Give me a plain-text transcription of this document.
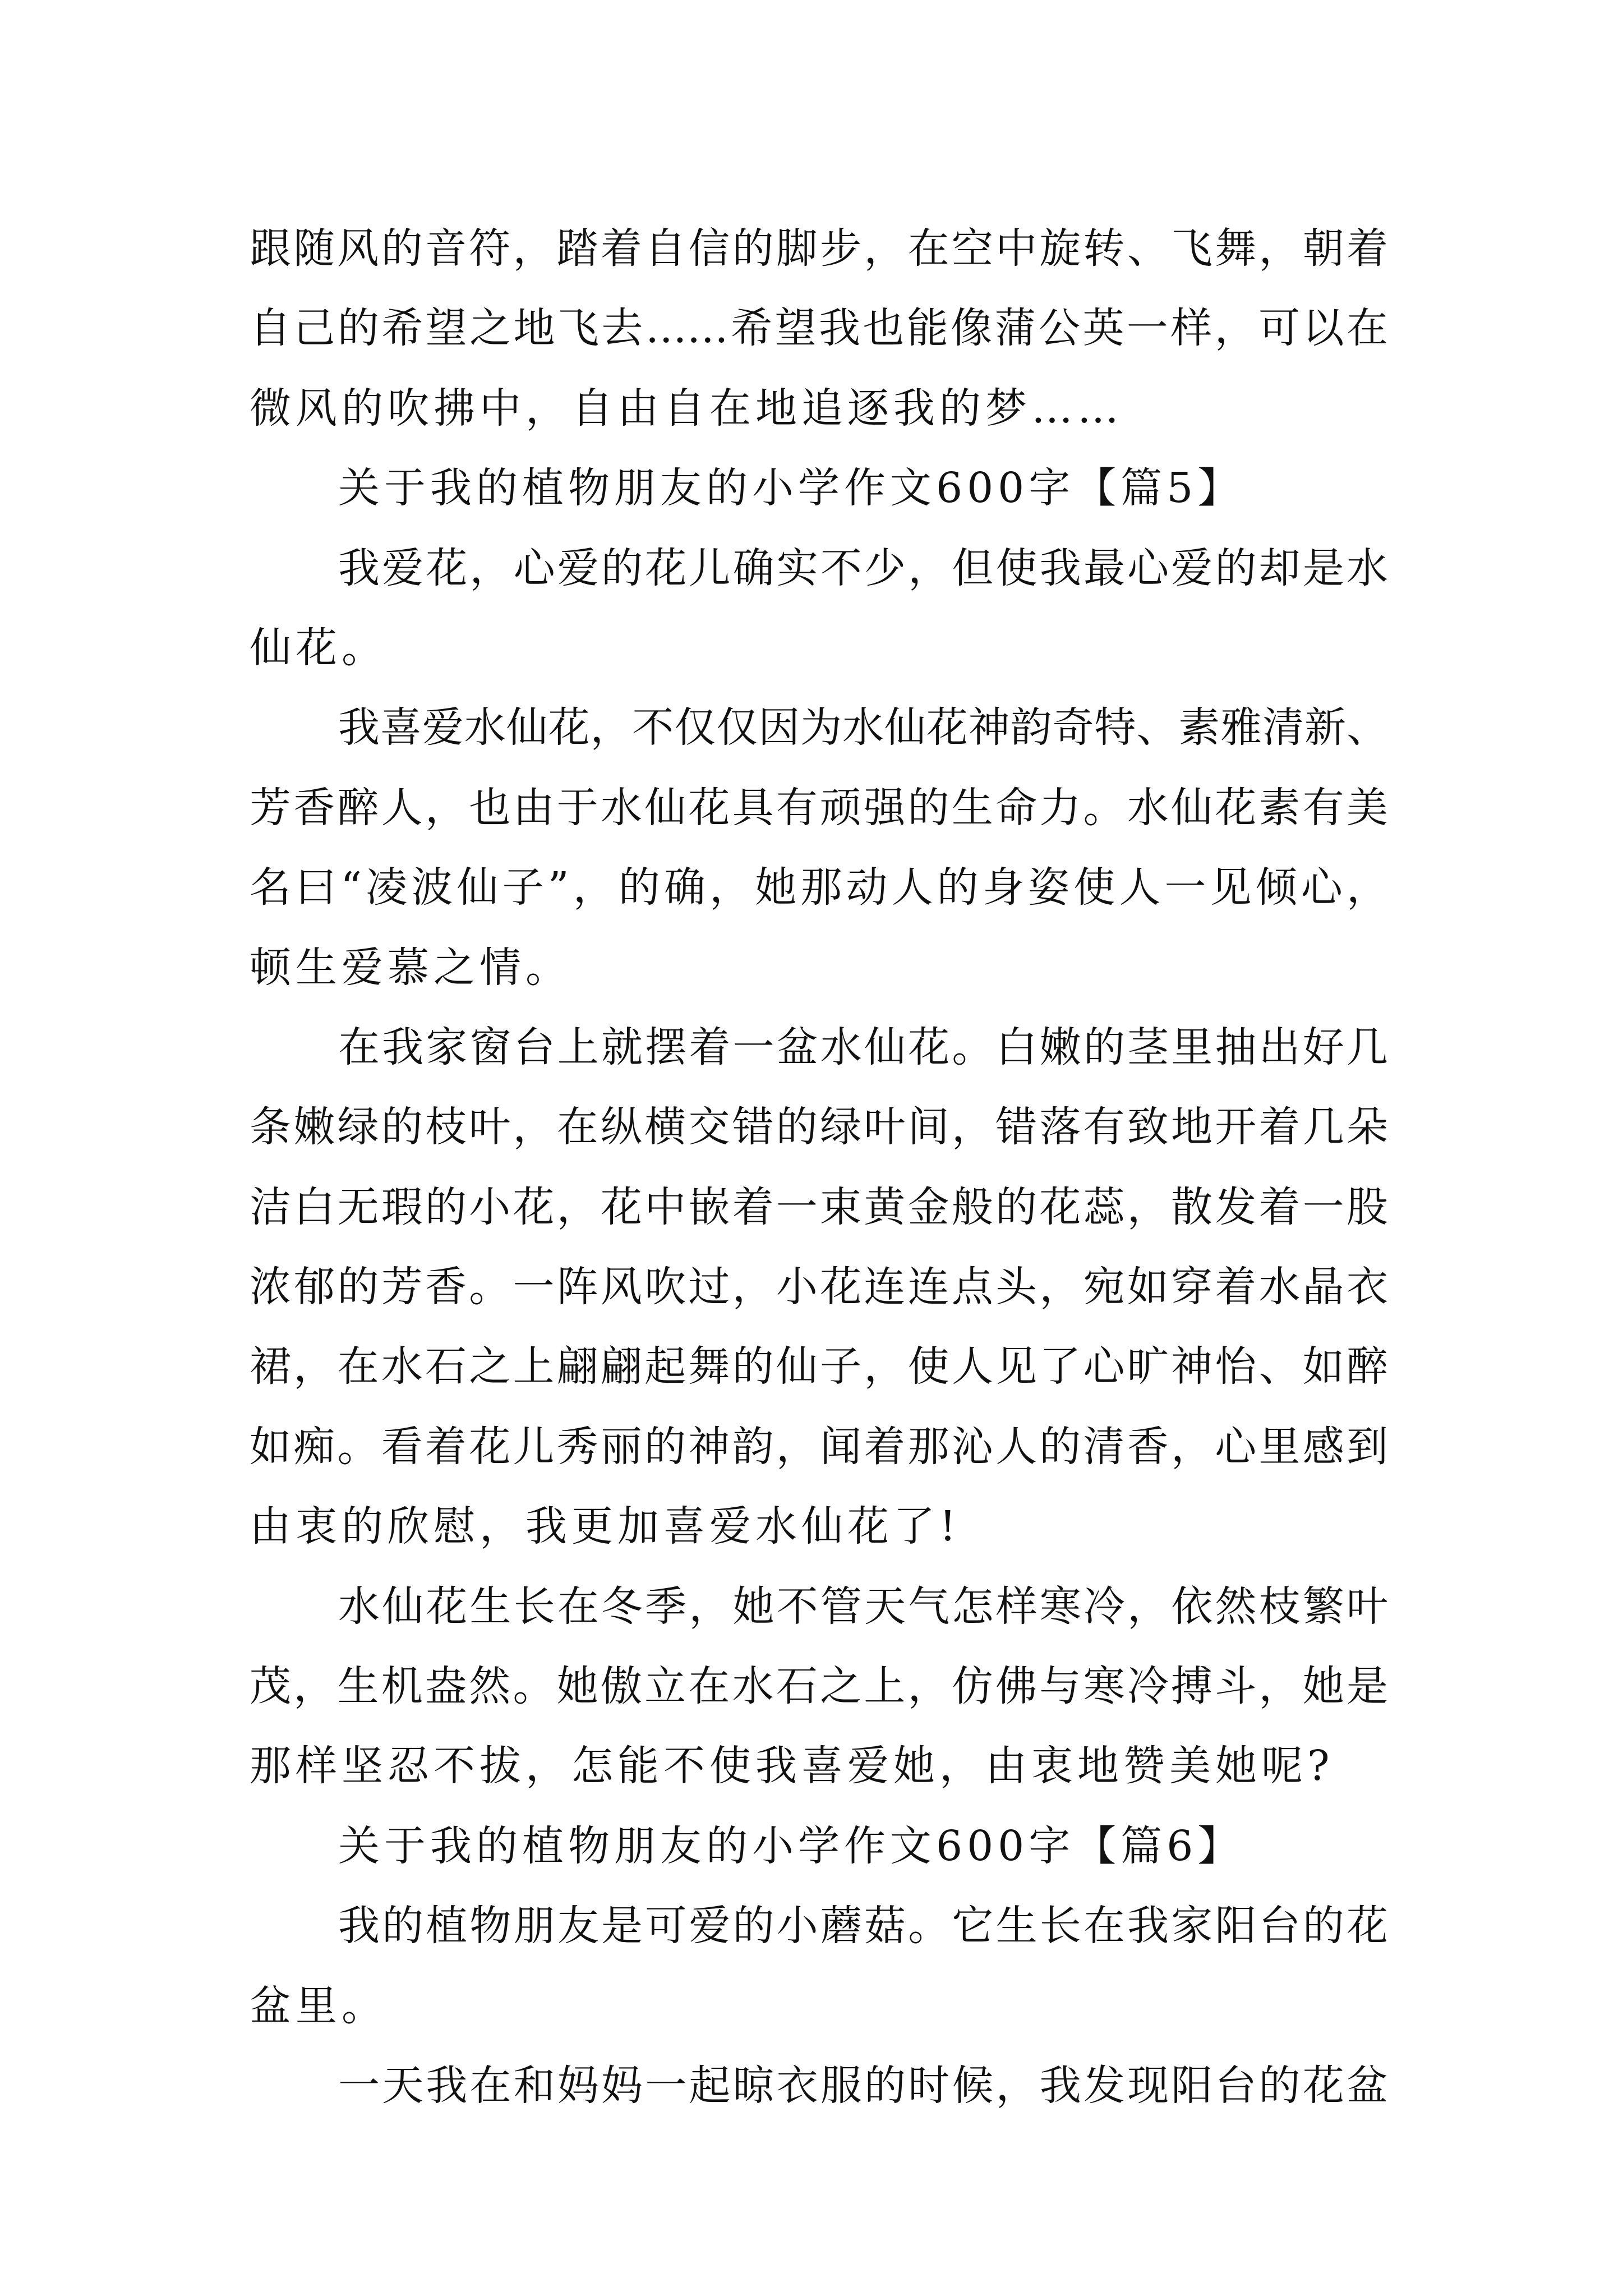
跟随风的音符，踏着自信的脚步，在空中旋转、飞舞，朝着
自己的希望之地飞去……希望我也能像蒲公英一样，可以在
微风的吹拂中，自由自在地追逐我的梦……
关于我的植物朋友的小学作文600字【篇5】
我爱花，心爱的花儿确实不少，但使我最心爱的却是水
仙花。
我喜爱水仙花，不仅仅因为水仙花神韵奇特、素雅清新、
芳香醉人，也由于水仙花具有顽强的生命力。水仙花素有美
名曰“凌波仙子”，的确，她那动人的身姿使人一见倾心，
顿生爱慕之情。
在我家窗台上就摆着一盆水仙花。白嫩的茎里抽出好几
条嫩绿的枝叶，在纵横交错的绿叶间，错落有致地开着几朵
洁白无瑕的小花，花中嵌着一束黄金般的花蕊，散发着一股
浓郁的芳香。一阵风吹过，小花连连点头，宛如穿着水晶衣
裙，在水石之上翩翩起舞的仙子，使人见了心旷神怡、如醉
如痴。看着花儿秀丽的神韵，闻着那沁人的清香，心里感到
由衷的欣慰，我更加喜爱水仙花了!
水仙花生长在冬季，她不管天气怎样寒冷，依然枝繁叶
茂，生机盎然。她傲立在水石之上，仿佛与寒冷搏斗，她是
那样坚忍不拔，怎能不使我喜爱她，由衷地赞美她呢?
关于我的植物朋友的小学作文600字【篇6】
我的植物朋友是可爱的小蘑菇。它生长在我家阳台的花
盆里。
一天我在和妈妈一起晾衣服的时候，我发现阳台的花盆
